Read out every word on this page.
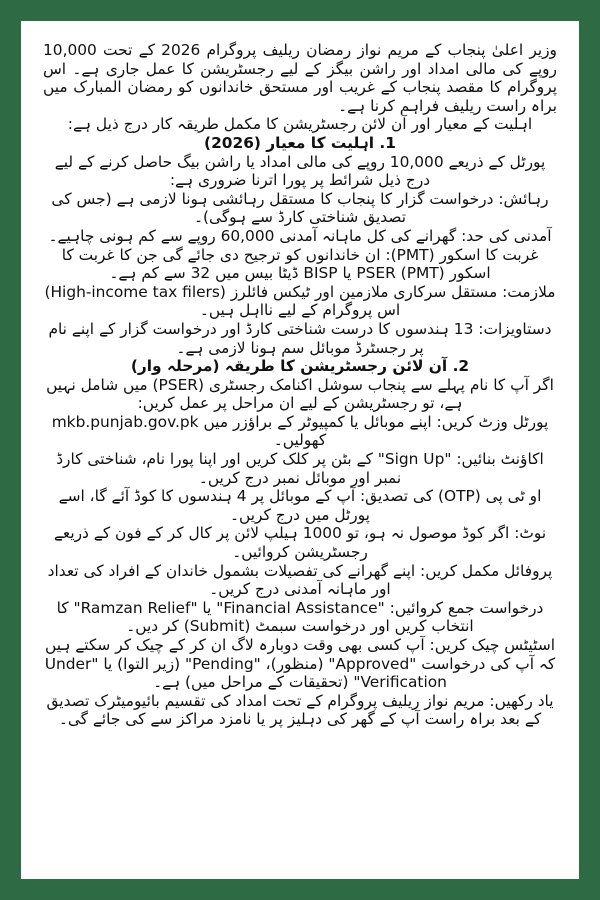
وزیر اعلیٰ پنجاب کے مریم نواز رمضان ریلیف پروگرام 2026 کے تحت 10,000 روپے کی مالی امداد اور راشن بیگز کے لیے رجسٹریشن کا عمل جاری ہے۔ اس پروگرام کا مقصد پنجاب کے غریب اور مستحق خاندانوں کو رمضان المبارک میں براہ راست ریلیف فراہم کرنا ہے۔

اہلیت کے معیار اور آن لائن رجسٹریشن کا مکمل طریقہ کار درج ذیل ہے:

1. اہلیت کا معیار (2026)

پورٹل کے ذریعے 10,000 روپے کی مالی امداد یا راشن بیگ حاصل کرنے کے لیے درج ذیل شرائط پر پورا اترنا ضروری ہے:

رہائش: درخواست گزار کا پنجاب کا مستقل رہائشی ہونا لازمی ہے (جس کی تصدیق شناختی کارڈ سے ہوگی)۔

آمدنی کی حد: گھرانے کی کل ماہانہ آمدنی 60,000 روپے سے کم ہونی چاہیے۔

غربت کا اسکور (PMT): ان خاندانوں کو ترجیح دی جائے گی جن کا غربت کا اسکور (PMT) PSER یا BISP ڈیٹا بیس میں 32 سے کم ہے۔

ملازمت: مستقل سرکاری ملازمین اور ٹیکس فائلرز (High-income tax filers) اس پروگرام کے لیے نااہل ہیں۔

دستاویزات: 13 ہندسوں کا درست شناختی کارڈ اور درخواست گزار کے اپنے نام پر رجسٹرڈ موبائل سم ہونا لازمی ہے۔

2. آن لائن رجسٹریشن کا طریقہ (مرحلہ وار)

اگر آپ کا نام پہلے سے پنجاب سوشل اکنامک رجسٹری (PSER) میں شامل نہیں ہے، تو رجسٹریشن کے لیے ان مراحل پر عمل کریں:

پورٹل وزٹ کریں: اپنے موبائل یا کمپیوٹر کے براؤزر میں mkb.punjab.gov.pk کھولیں۔

اکاؤنٹ بنائیں: "Sign Up" کے بٹن پر کلک کریں اور اپنا پورا نام، شناختی کارڈ نمبر اور موبائل نمبر درج کریں۔

او ٹی پی (OTP) کی تصدیق: آپ کے موبائل پر 4 ہندسوں کا کوڈ آئے گا، اسے پورٹل میں درج کریں۔

نوٹ: اگر کوڈ موصول نہ ہو، تو 1000 ہیلپ لائن پر کال کر کے فون کے ذریعے رجسٹریشن کروائیں۔

پروفائل مکمل کریں: اپنے گھرانے کی تفصیلات بشمول خاندان کے افراد کی تعداد اور ماہانہ آمدنی درج کریں۔

درخواست جمع کروائیں: "Financial Assistance" یا "Ramzan Relief" کا انتخاب کریں اور درخواست سبمٹ (Submit) کر دیں۔

اسٹیٹس چیک کریں: آپ کسی بھی وقت دوبارہ لاگ ان کر کے چیک کر سکتے ہیں کہ آپ کی درخواست "Approved" (منظور)، "Pending" (زیر التوا) یا "Under Verification" (تحقیقات کے مراحل میں) ہے۔

یاد رکھیں: مریم نواز ریلیف پروگرام کے تحت امداد کی تقسیم بائیومیٹرک تصدیق کے بعد براہ راست آپ کے گھر کی دہلیز پر یا نامزد مراکز سے کی جائے گی۔
